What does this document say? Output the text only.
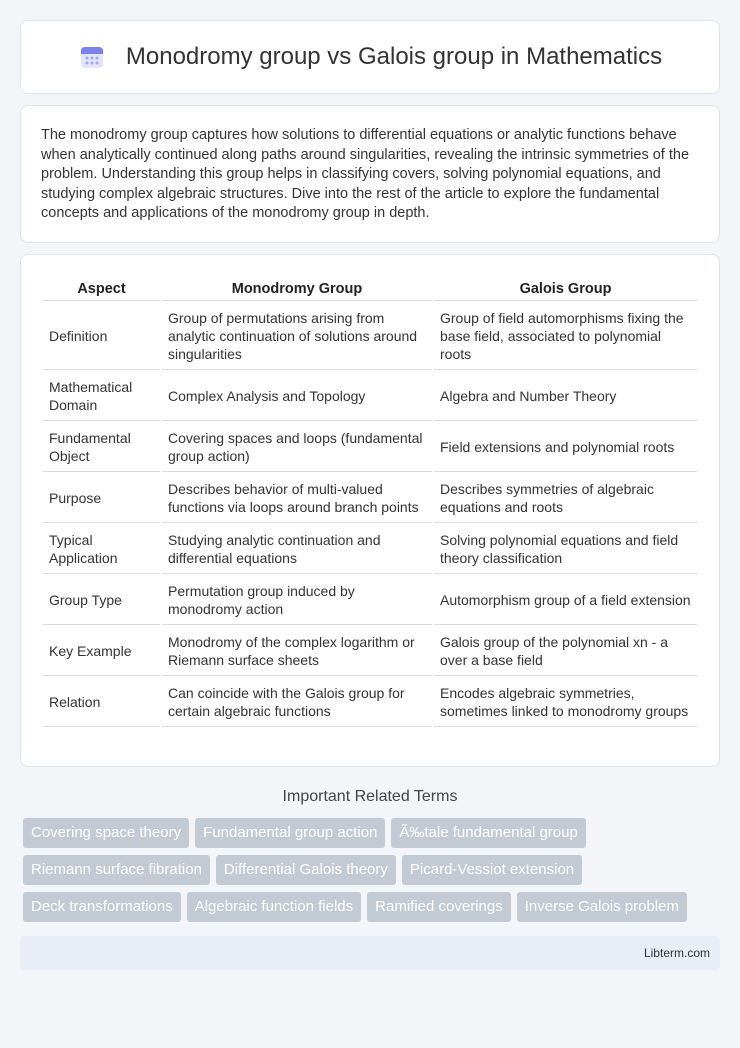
Monodromy group vs Galois group in Mathematics

The monodromy group captures how solutions to differential equations or analytic functions behave when analytically continued along paths around singularities, revealing the intrinsic symmetries of the problem. Understanding this group helps in classifying covers, solving polynomial equations, and studying complex algebraic structures. Dive into the rest of the article to explore the fundamental concepts and applications of the monodromy group in depth.

Aspect	Monodromy Group	Galois Group
Definition	Group of permutations arising from analytic continuation of solutions around singularities	Group of field automorphisms fixing the base field, associated to polynomial roots
Mathematical Domain	Complex Analysis and Topology	Algebra and Number Theory
Fundamental Object	Covering spaces and loops (fundamental group action)	Field extensions and polynomial roots
Purpose	Describes behavior of multi-valued functions via loops around branch points	Describes symmetries of algebraic equations and roots
Typical Application	Studying analytic continuation and differential equations	Solving polynomial equations and field theory classification
Group Type	Permutation group induced by monodromy action	Automorphism group of a field extension
Key Example	Monodromy of the complex logarithm or Riemann surface sheets	Galois group of the polynomial xn - a over a base field
Relation	Can coincide with the Galois group for certain algebraic functions	Encodes algebraic symmetries, sometimes linked to monodromy groups
Important Related Terms
Covering space theory	Fundamental group action	Ã‰tale fundamental group
Riemann surface fibration	Differential Galois theory	Picard-Vessiot extension
Deck transformations	Algebraic function fields	Ramified coverings	Inverse Galois problem
Libterm.com
